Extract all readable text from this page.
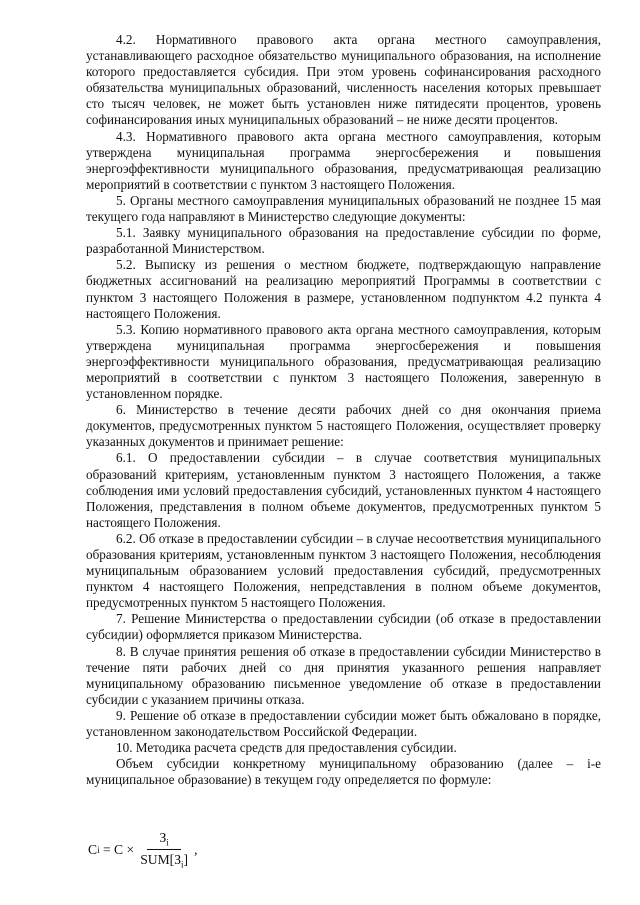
4.2. Нормативного правового акта органа местного самоуправления, устанавливающего расходное обязательство муниципального образования, на исполнение которого предоставляется субсидия. При этом уровень софинансирования расходного обязательства муниципальных образований, численность населения которых превышает сто тысяч человек, не может быть установлен ниже пятидесяти процентов, уровень софинансирования иных муниципальных образований – не ниже десяти процентов.

4.3. Нормативного правового акта органа местного самоуправления, которым утверждена муниципальная программа энергосбережения и повышения энергоэффективности муниципального образования, предусматривающая реализацию мероприятий в соответствии с пунктом 3 настоящего Положения.

5. Органы местного самоуправления муниципальных образований не позднее 15 мая текущего года направляют в Министерство следующие документы:

5.1. Заявку муниципального образования на предоставление субсидии по форме, разработанной Министерством.

5.2. Выписку из решения о местном бюджете, подтверждающую направление бюджетных ассигнований на реализацию мероприятий Программы в соответствии с пунктом 3 настоящего Положения в размере, установленном подпунктом 4.2 пункта 4 настоящего Положения.

5.3. Копию нормативного правового акта органа местного самоуправления, которым утверждена муниципальная программа энергосбережения и повышения энергоэффективности муниципального образования, предусматривающая реализацию мероприятий в соответствии с пунктом 3 настоящего Положения, заверенную в установленном порядке.

6. Министерство в течение десяти рабочих дней со дня окончания приема документов, предусмотренных пунктом 5 настоящего Положения, осуществляет проверку указанных документов и принимает решение:

6.1. О предоставлении субсидии – в случае соответствия муниципальных образований критериям, установленным пунктом 3 настоящего Положения, а также соблюдения ими условий предоставления субсидий, установленных пунктом 4 настоящего Положения, представления в полном объеме документов, предусмотренных пунктом 5 настоящего Положения.

6.2. Об отказе в предоставлении субсидии – в случае несоответствия муниципального образования критериям, установленным пунктом 3 настоящего Положения, несоблюдения муниципальным образованием условий предоставления субсидий, предусмотренных пунктом 4 настоящего Положения, непредставления в полном объеме документов, предусмотренных пунктом 5 настоящего Положения.

7. Решение Министерства о предоставлении субсидии (об отказе в предоставлении субсидии) оформляется приказом Министерства.

8. В случае принятия решения об отказе в предоставлении субсидии Министерство в течение пяти рабочих дней со дня принятия указанного решения направляет муниципальному образованию письменное уведомление об отказе в предоставлении субсидии с указанием причины отказа.

9. Решение об отказе в предоставлении субсидии может быть обжаловано в порядке, установленном законодательством Российской Федерации.

10. Методика расчета средств для предоставления субсидии.

Объем субсидии конкретному муниципальному образованию (далее – i-е муниципальное образование) в текущем году определяется по формуле:

C $i = C \times \frac{З_i}{SUM[З_i]}$ ,
